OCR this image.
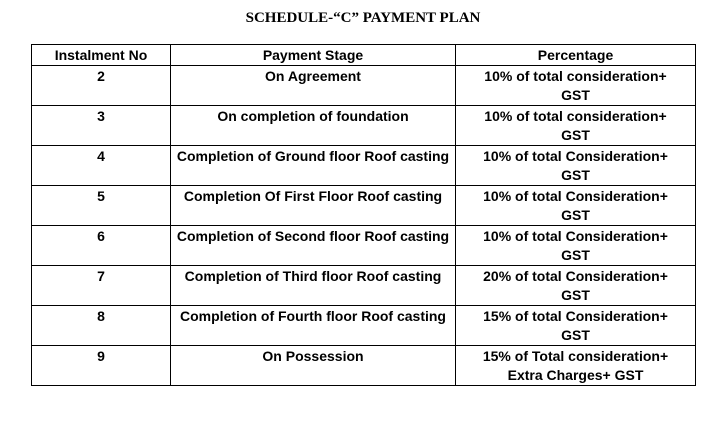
SCHEDULE-“C” PAYMENT PLAN
Instalment No	Payment Stage	Percentage
2	On Agreement	10% of total consideration+
GST
3	On completion of foundation	10% of total consideration+
GST
4	Completion of Ground floor Roof casting	10% of total Consideration+
GST
5	Completion Of First Floor Roof casting	10% of total Consideration+
GST
6	Completion of Second floor Roof casting	10% of total Consideration+
GST
7	Completion of Third floor Roof casting	20% of total Consideration+
GST
8	Completion of Fourth floor Roof casting	15% of total Consideration+
GST
9	On Possession	15% of Total consideration+
Extra Charges+ GST
